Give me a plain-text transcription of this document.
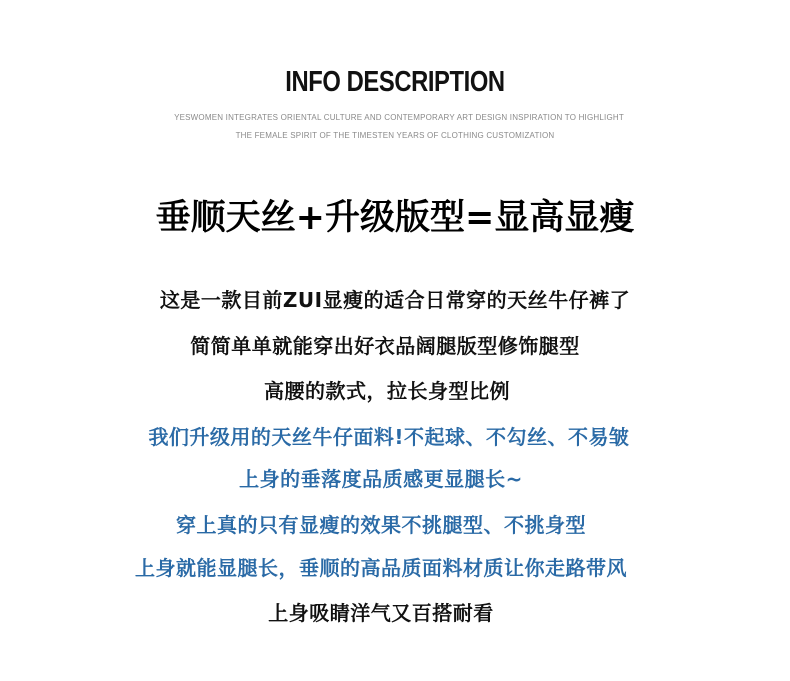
INFO DESCRIPTION
YESWOMEN INTEGRATES ORIENTAL CULTURE AND CONTEMPORARY ART DESIGN INSPIRATION TO HIGHLIGHT
THE FEMALE SPIRIT OF THE TIMESTEN YEARS OF CLOTHING CUSTOMIZATION
垂顺天丝+升级版型=显高显瘦
这是一款目前ZUI显瘦的适合日常穿的天丝牛仔裤了
简简单单就能穿出好衣品阔腿版型修饰腿型
高腰的款式，拉长身型比例
我们升级用的天丝牛仔面料!不起球、不勾丝、不易皱
上身的垂落度品质感更显腿长~
穿上真的只有显瘦的效果不挑腿型、不挑身型
上身就能显腿长，垂顺的高品质面料材质让你走路带风
上身吸睛洋气又百搭耐看
